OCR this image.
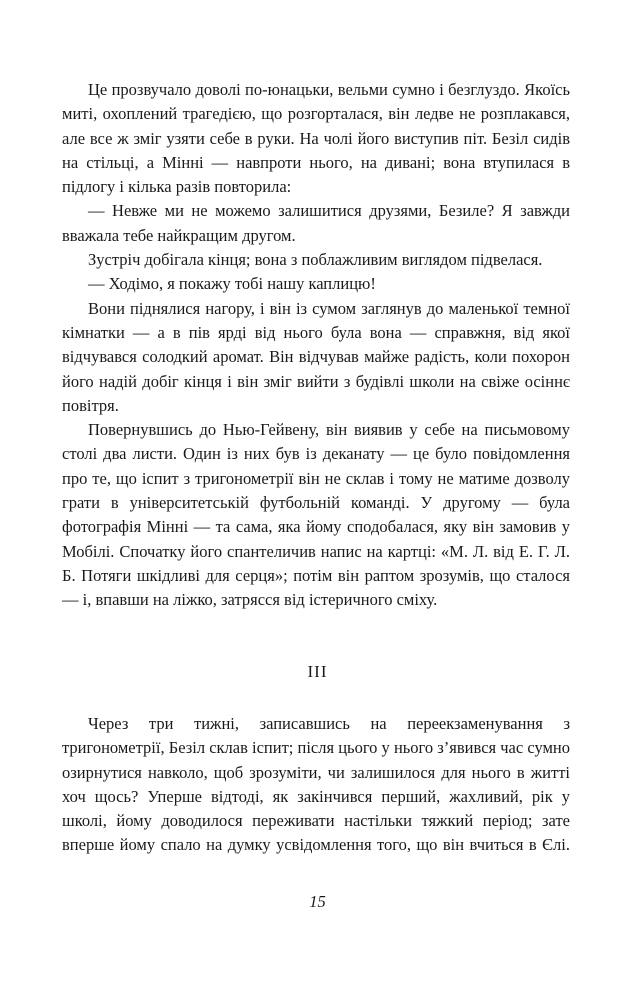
Це прозвучало доволі по-юнацьки, вельми сумно і безглуздо. Якоїсь миті, охоплений трагедією, що розгорталася, він ледве не розплакався, але все ж зміг узяти себе в руки. На чолі його виступив піт. Безіл сидів на стільці, а Мінні — навпроти нього, на дивані; вона втупилася в підлогу і кілька разів повторила:

— Невже ми не можемо залишитися друзями, Безиле? Я завжди вважала тебе найкращим другом.

Зустріч добігала кінця; вона з поблажливим виглядом підвелася.

— Ходімо, я покажу тобі нашу каплицю!

Вони піднялися нагору, і він із сумом заглянув до маленької темної кімнатки — а в пів ярді від нього була вона — справжня, від якої відчувався солодкий аромат. Він відчував майже радість, коли похорон його надій добіг кінця і він зміг вийти з будівлі школи на свіже осіннє повітря.

Повернувшись до Нью-Гейвену, він виявив у себе на письмовому столі два листи. Один із них був із деканату — це було повідомлення про те, що іспит з тригонометрії він не склав і тому не матиме дозволу грати в університетській футбольній команді. У другому — була фотографія Мінні — та сама, яка йому сподобалася, яку він замовив у Мобілі. Спочатку його спантеличив напис на картці: «М. Л. від Е. Г. Л. Б. Потяги шкідливі для серця»; потім він раптом зрозумів, що сталося — і, впавши на ліжко, затрясся від істеричного сміху.

III

Через три тижні, записавшись на переекзаменування з тригонометрії, Безіл склав іспит; після цього у нього з’явився час сумно озирнутися навколо, щоб зрозуміти, чи залишилося для нього в житті хоч щось? Уперше відтоді, як закінчився перший, жахливий, рік у школі, йому доводилося переживати настільки тяжкий період; зате вперше йому спало на думку усвідомлення того, що він вчиться в Єлі.

15
